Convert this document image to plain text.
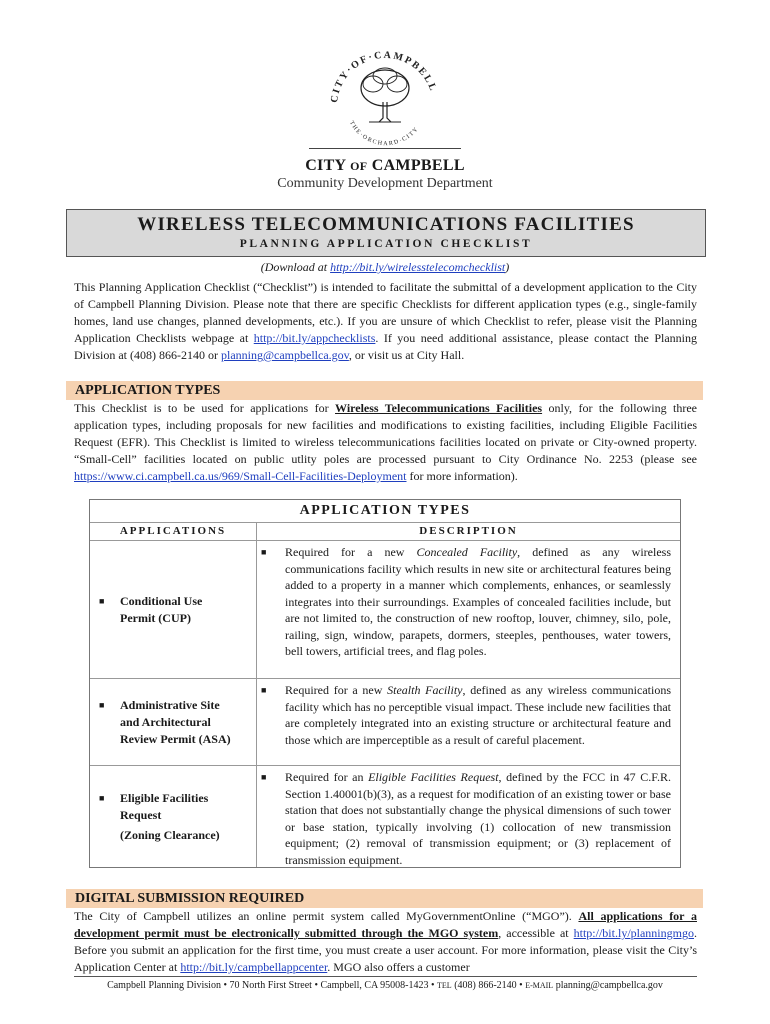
CITY·OF·CAMPBELL
THE·ORCHARD·CITY
CITY OF CAMPBELL
Community Development Department
WIRELESS TELECOMMUNICATIONS FACILITIES
PLANNING APPLICATION CHECKLIST
(Download at http://bit.ly/wirelesstelecomchecklist)
This Planning Application Checklist (“Checklist”) is intended to facilitate the submittal of a development application to the City of Campbell Planning Division. Please note that there are specific Checklists for different application types (e.g., single-family homes, land use changes, planned developments, etc.). If you are unsure of which Checklist to refer, please visit the Planning Application Checklists webpage at http://bit.ly/appchecklists. If you need additional assistance, please contact the Planning Division at (408) 866-2140 or planning@campbellca.gov, or visit us at City Hall.
APPLICATION TYPES
This Checklist is to be used for applications for Wireless Telecommunications Facilities only, for the following three application types, including proposals for new facilities and modifications to existing facilities, including Eligible Facilities Request (EFR). This Checklist is limited to wireless telecommunications facilities located on private or City-owned property. “Small-Cell” facilities located on public utlity poles are processed pursuant to City Ordinance No. 2253 (please see https://www.ci.campbell.ca.us/969/Small-Cell-Facilities-Deployment for more information).
APPLICATION TYPES
APPLICATIONS	DESCRIPTION
■ Conditional Use
Permit (CUP)
■	Required for a new Concealed Facility, defined as any wireless communications facility which results in new site or architectural features being added to a property in a manner which complements, enhances, or seamlessly integrates into their surroundings. Examples of concealed facilities include, but are not limited to, the construction of new rooftop, louver, chimney, silo, pole, railing, sign, window, parapets, dormers, steeples, penthouses, water towers, bell towers, artificial trees, and flag poles.
■ Administrative Site
and Architectural
Review Permit (ASA)
■	Required for a new Stealth Facility, defined as any wireless communications facility which has no perceptible visual impact. These include new facilities that are completely integrated into an existing structure or architectural feature and those which are imperceptible as a result of careful placement.
■ Eligible Facilities
Request
(Zoning Clearance)
■	Required for an Eligible Facilities Request, defined by the FCC in 47 C.F.R. Section 1.40001(b)(3), as a request for modification of an existing tower or base station that does not substantially change the physical dimensions of such tower or base station, typically involving (1) collocation of new transmission equipment; (2) removal of transmission equipment; or (3) replacement of transmission equipment.
DIGITAL SUBMISSION REQUIRED
The City of Campbell utilizes an online permit system called MyGovernmentOnline (“MGO”). All applications for a development permit must be electronically submitted through the MGO system, accessible at http://bit.ly/planningmgo. Before you submit an application for the first time, you must create a user account. For more information, please visit the City’s Application Center at http://bit.ly/campbellappcenter. MGO also offers a customer
Campbell Planning Division • 70 North First Street • Campbell, CA 95008-1423 • TEL (408) 866-2140 • E-MAIL planning@campbellca.gov
